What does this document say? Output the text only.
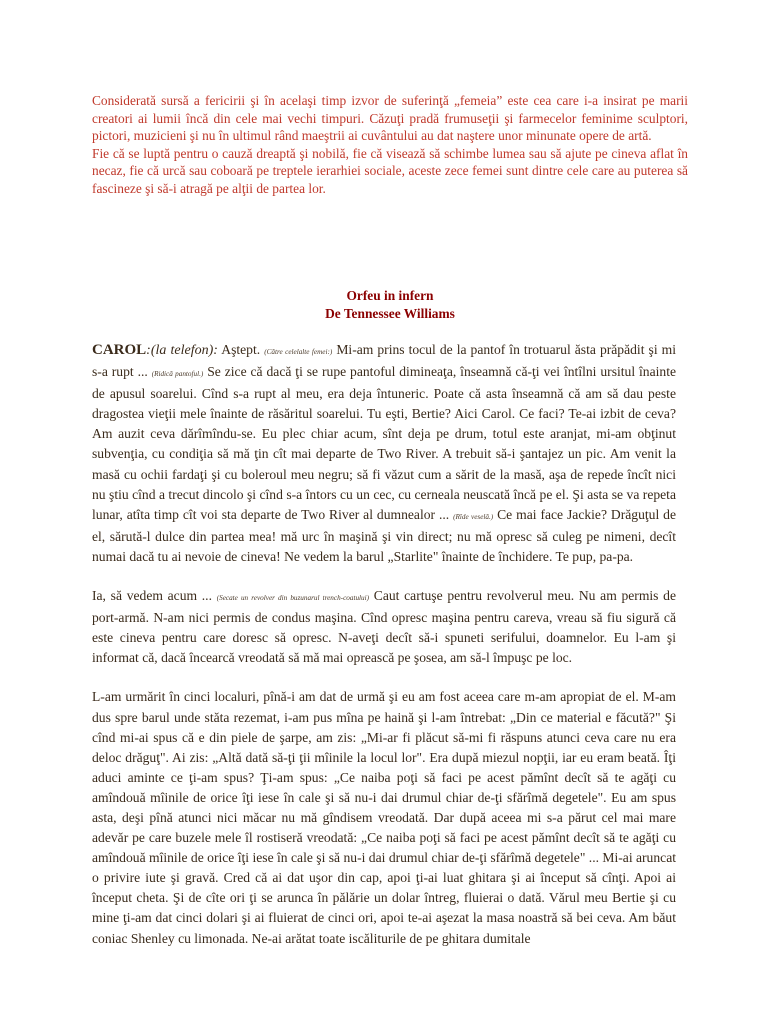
Considerată sursă a fericirii şi în acelaşi timp izvor de suferinţă „femeia” este cea care i-a insirat pe marii creatori ai lumii încă din cele mai vechi timpuri. Căzuţi pradă frumuseţii şi farmecelor feminime sculptori, pictori, muzicieni şi nu în ultimul rând maeştrii ai cuvântului au dat naştere unor minunate opere de artă.

Fie că se luptă pentru o cauză dreaptă şi nobilă, fie că visează să schimbe lumea sau să ajute pe cineva aflat în necaz, fie că urcă sau coboară pe treptele ierarhiei sociale, aceste zece femei sunt dintre cele care au puterea să fascineze şi să-i atragă pe alţii de partea lor.

Orfeu in infern
De Tennessee Williams

CAROL:(la telefon): Aştept. (Către celelalte femei:) Mi-am prins tocul de la pantof în trotuarul ăsta prăpădit şi mi s-a rupt ... (Ridică pantoful.) Se zice că dacă ţi se rupe pantoful dimineaţa, înseamnă că-ţi vei întîlni ursitul înainte de apusul soarelui. Cînd s-a rupt al meu, era deja întuneric. Poate că asta înseamnă că am să dau peste dragostea vieţii mele înainte de răsăritul soarelui. Tu eşti, Bertie? Aici Carol. Ce faci? Te-ai izbit de ceva? Am auzit ceva dărîmîndu-se. Eu plec chiar acum, sînt deja pe drum, totul este aranjat, mi-am obţinut subvenţia, cu condiţia să mă ţin cît mai departe de Two River. A trebuit să-i şantajez un pic. Am venit la masă cu ochii fardaţi şi cu boleroul meu negru; să fi văzut cum a sărit de la masă, aşa de repede încît nici nu ştiu cînd a trecut dincolo şi cînd s-a întors cu un cec, cu cerneala neuscată încă pe el. Şi asta se va repeta lunar, atîta timp cît voi sta departe de Two River al dumnealor ... (Rîde veselă.) Ce mai face Jackie? Drăguţul de el, sărută-l dulce din partea mea! mă urc în maşină şi vin direct; nu mă opresc să culeg pe nimeni, decît numai dacă tu ai nevoie de cineva! Ne vedem la barul „Starlite" înainte de închidere. Te pup, pa-pa.

Ia, să vedem acum ... (Secate un revolver din buzunarul trench-coatului) Caut cartuşe pentru revolverul meu. Nu am permis de port-armă. N-am nici permis de condus maşina. Cînd opresc maşina pentru careva, vreau să fiu sigură că este cineva pentru care doresc să opresc. N-aveţi decît să-i spuneti serifului, doamnelor. Eu l-am şi informat că, dacă încearcă vreodată să mă mai oprească pe şosea, am să-l împuşc pe loc.

L-am urmărit în cinci localuri, pînă-i am dat de urmă şi eu am fost aceea care m-am apropiat de el. M-am dus spre barul unde stăta rezemat, i-am pus mîna pe haină şi l-am întrebat: „Din ce material e făcută?" Şi cînd mi-ai spus că e din piele de şarpe, am zis: „Mi-ar fi plăcut să-mi fi răspuns atunci ceva care nu era deloc drăguţ". Ai zis: „Altă dată să-ţi ţii mîinile la locul lor". Era după miezul nopţii, iar eu eram beată. Îţi aduci aminte ce ţi-am spus? Ţi-am spus: „Ce naiba poţi să faci pe acest pămînt decît să te agăţi cu amîndouă mîinile de orice îţi iese în cale şi să nu-i dai drumul chiar de-ţi sfărîmă degetele". Eu am spus asta, deşi pînă atunci nici măcar nu mă gîndisem vreodată. Dar după aceea mi s-a părut cel mai mare adevăr pe care buzele mele îl rostiseră vreodată: „Ce naiba poţi să faci pe acest pămînt decît să te agăţi cu amîndouă mîinile de orice îţi iese în cale şi să nu-i dai drumul chiar de-ţi sfărîmă degetele" ... Mi-ai aruncat o privire iute şi gravă. Cred că ai dat uşor din cap, apoi ţi-ai luat ghitara şi ai început să cînţi. Apoi ai început cheta. Şi de cîte ori ţi se arunca în pălărie un dolar întreg, fluierai o dată. Vărul meu Bertie şi cu mine ţi-am dat cinci dolari şi ai fluierat de cinci ori, apoi te-ai aşezat la masa noastră să bei ceva. Am băut coniac Shenley cu limonada. Ne-ai arătat toate iscăliturile de pe ghitara dumitale
